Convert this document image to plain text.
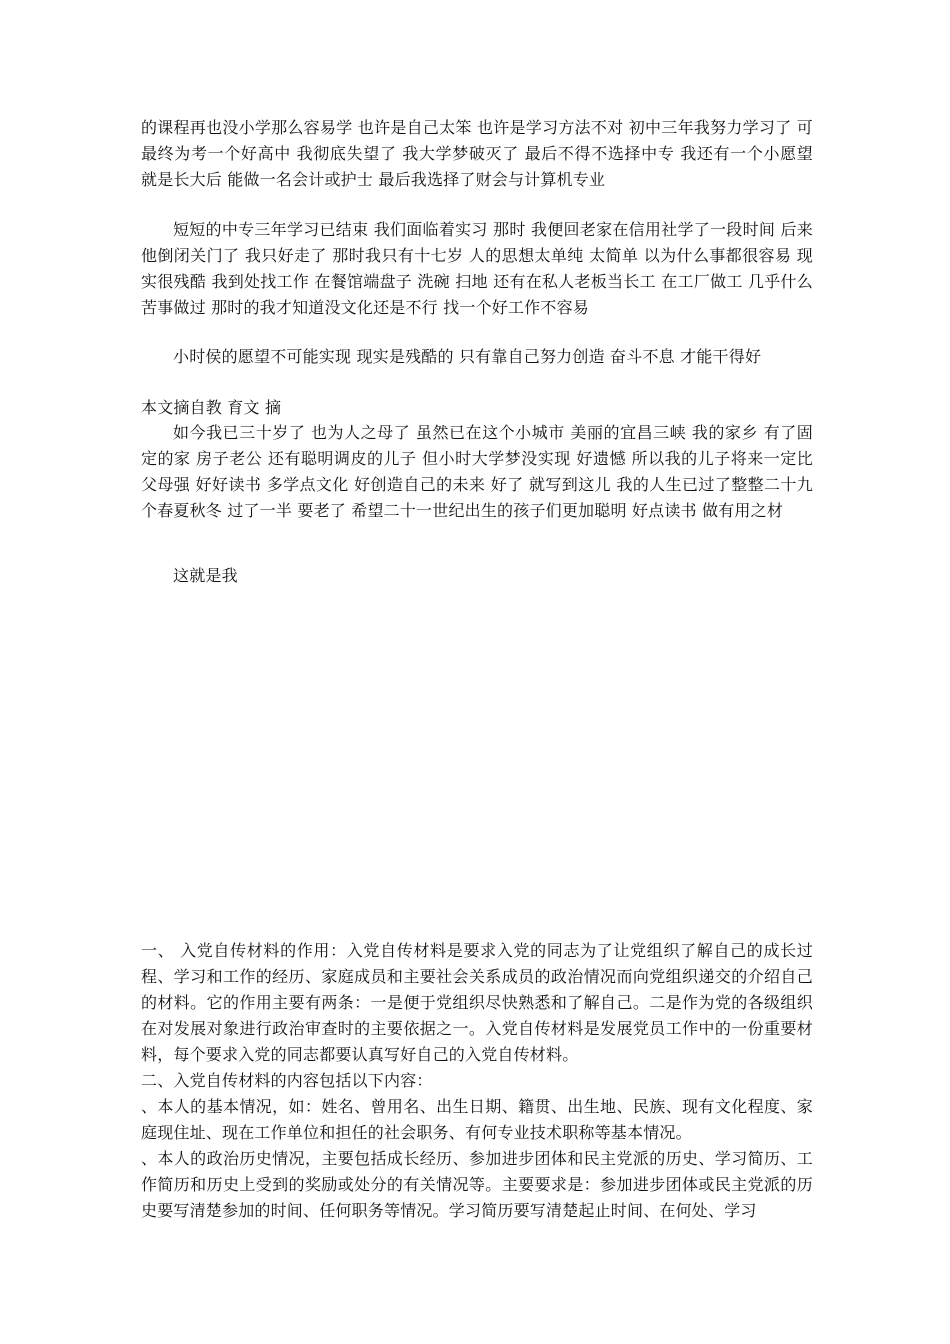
的课程再也没小学那么容易学 也许是自己太笨 也许是学习方法不对 初中三年我努力学习了 可最终为考一个好高中 我彻底失望了 我大学梦破灭了 最后不得不选择中专 我还有一个小愿望 就是长大后 能做一名会计或护士 最后我选择了财会与计算机专业

短短的中专三年学习已结束 我们面临着实习 那时 我便回老家在信用社学了一段时间 后来他倒闭关门了 我只好走了 那时我只有十七岁 人的思想太单纯 太简单 以为什么事都很容易 现实很残酷 我到处找工作 在餐馆端盘子 洗碗 扫地 还有在私人老板当长工 在工厂做工 几乎什么苦事做过 那时的我才知道没文化还是不行 找一个好工作不容易

小时侯的愿望不可能实现 现实是残酷的 只有靠自己努力创造 奋斗不息 才能干得好

本文摘自教 育文 摘

如今我已三十岁了 也为人之母了 虽然已在这个小城市 美丽的宜昌三峡 我的家乡 有了固定的家 房子老公 还有聪明调皮的儿子 但小时大学梦没实现 好遗憾 所以我的儿子将来一定比父母强 好好读书 多学点文化 好创造自己的未来 好了 就写到这儿 我的人生已过了整整二十九个春夏秋冬 过了一半 要老了 希望二十一世纪出生的孩子们更加聪明 好点读书 做有用之材

这就是我

一、 入党自传材料的作用：入党自传材料是要求入党的同志为了让党组织了解自己的成长过程、学习和工作的经历、家庭成员和主要社会关系成员的政治情况而向党组织递交的介绍自己的材料。它的作用主要有两条：一是便于党组织尽快熟悉和了解自己。二是作为党的各级组织在对发展对象进行政治审查时的主要依据之一。入党自传材料是发展党员工作中的一份重要材料，每个要求入党的同志都要认真写好自己的入党自传材料。

二、入党自传材料的内容包括以下内容：

、本人的基本情况，如：姓名、曾用名、出生日期、籍贯、出生地、民族、现有文化程度、家庭现住址、现在工作单位和担任的社会职务、有何专业技术职称等基本情况。

、本人的政治历史情况，主要包括成长经历、参加进步团体和民主党派的历史、学习简历、工作简历和历史上受到的奖励或处分的有关情况等。主要要求是：参加进步团体或民主党派的历史要写清楚参加的时间、任何职务等情况。学习简历要写清楚起止时间、在何处、学习
